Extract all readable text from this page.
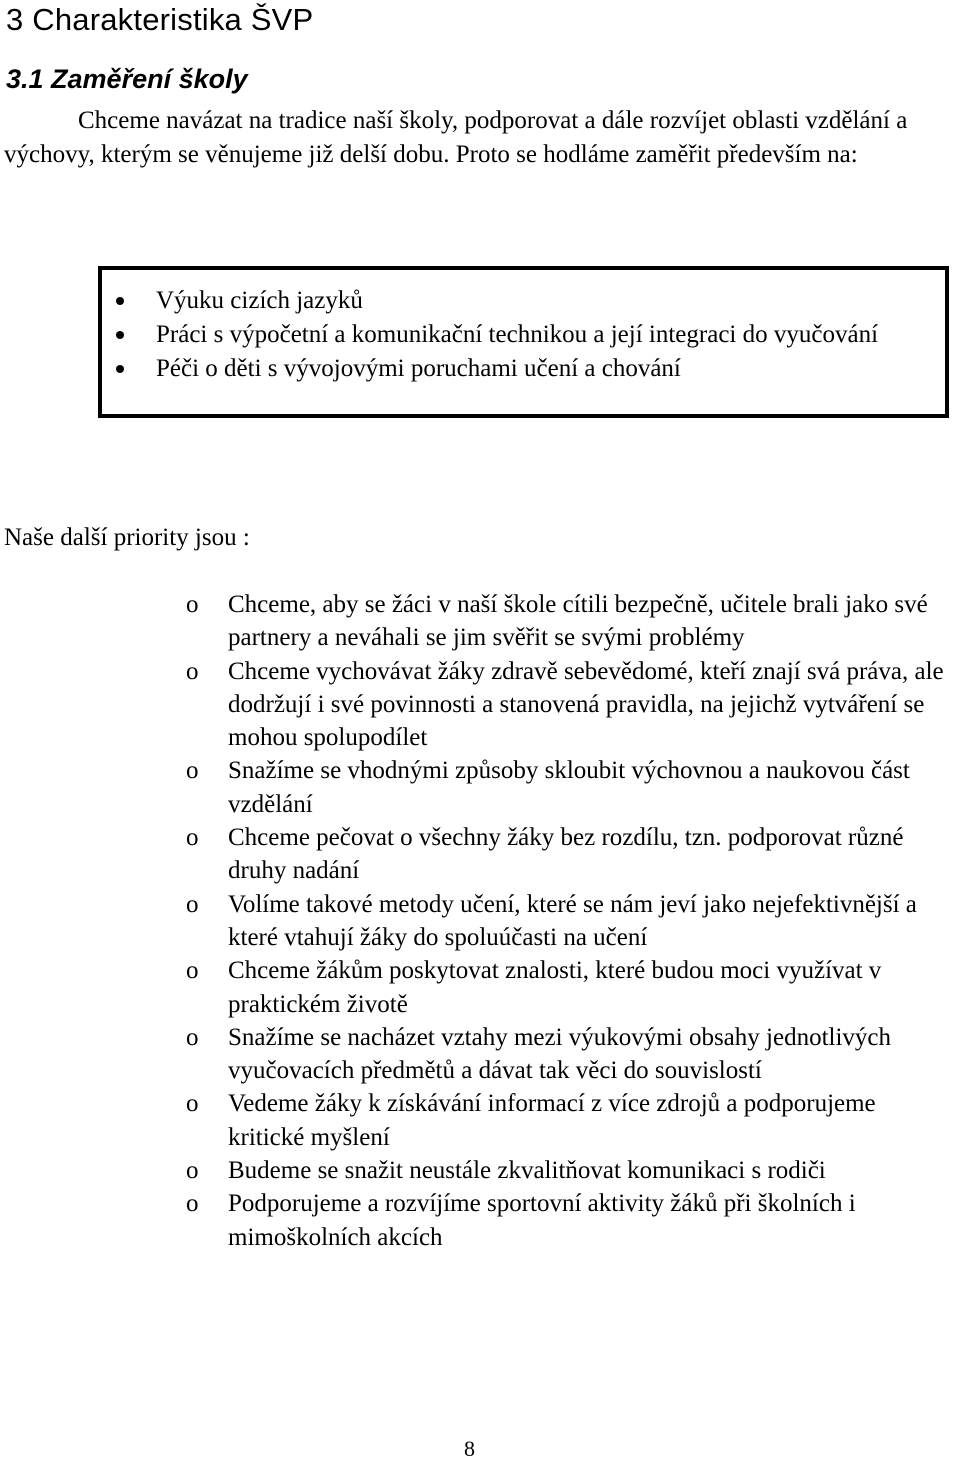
3 Charakteristika ŠVP
3.1 Zaměření školy
Chceme navázat na tradice naší školy, podporovat a dále rozvíjet oblasti vzdělání a výchovy, kterým se věnujeme již delší dobu. Proto se hodláme zaměřit především na:
Výuku cizích jazyků
Práci s výpočetní a komunikační technikou a její integraci do vyučování
Péči o děti s vývojovými poruchami učení a chování
Naše další priority jsou :
o Chceme, aby se žáci v naší škole cítili bezpečně, učitele brali jako své partnery a neváhali se jim svěřit se svými problémy
o Chceme vychovávat žáky zdravě sebevědomé, kteří znají svá práva, ale dodržují i své povinnosti a stanovená pravidla, na jejichž vytváření se mohou spolupodílet
o Snažíme se vhodnými způsoby skloubit výchovnou a naukovou část vzdělání
o Chceme pečovat o všechny žáky bez rozdílu, tzn. podporovat různé druhy nadání
o Volíme takové metody učení, které se nám jeví jako nejefektivnější a které vtahují žáky do spoluúčasti na učení
o Chceme žákům poskytovat znalosti, které budou moci využívat v praktickém životě
o Snažíme se nacházet vztahy mezi výukovými obsahy jednotlivých vyučovacích předmětů a dávat tak věci do souvislostí
o Vedeme žáky k získávání informací z více zdrojů a podporujeme kritické myšlení
o Budeme se snažit neustále zkvalitňovat komunikaci s rodiči
o Podporujeme a rozvíjíme sportovní aktivity žáků při školních i mimoškolních akcích
8
